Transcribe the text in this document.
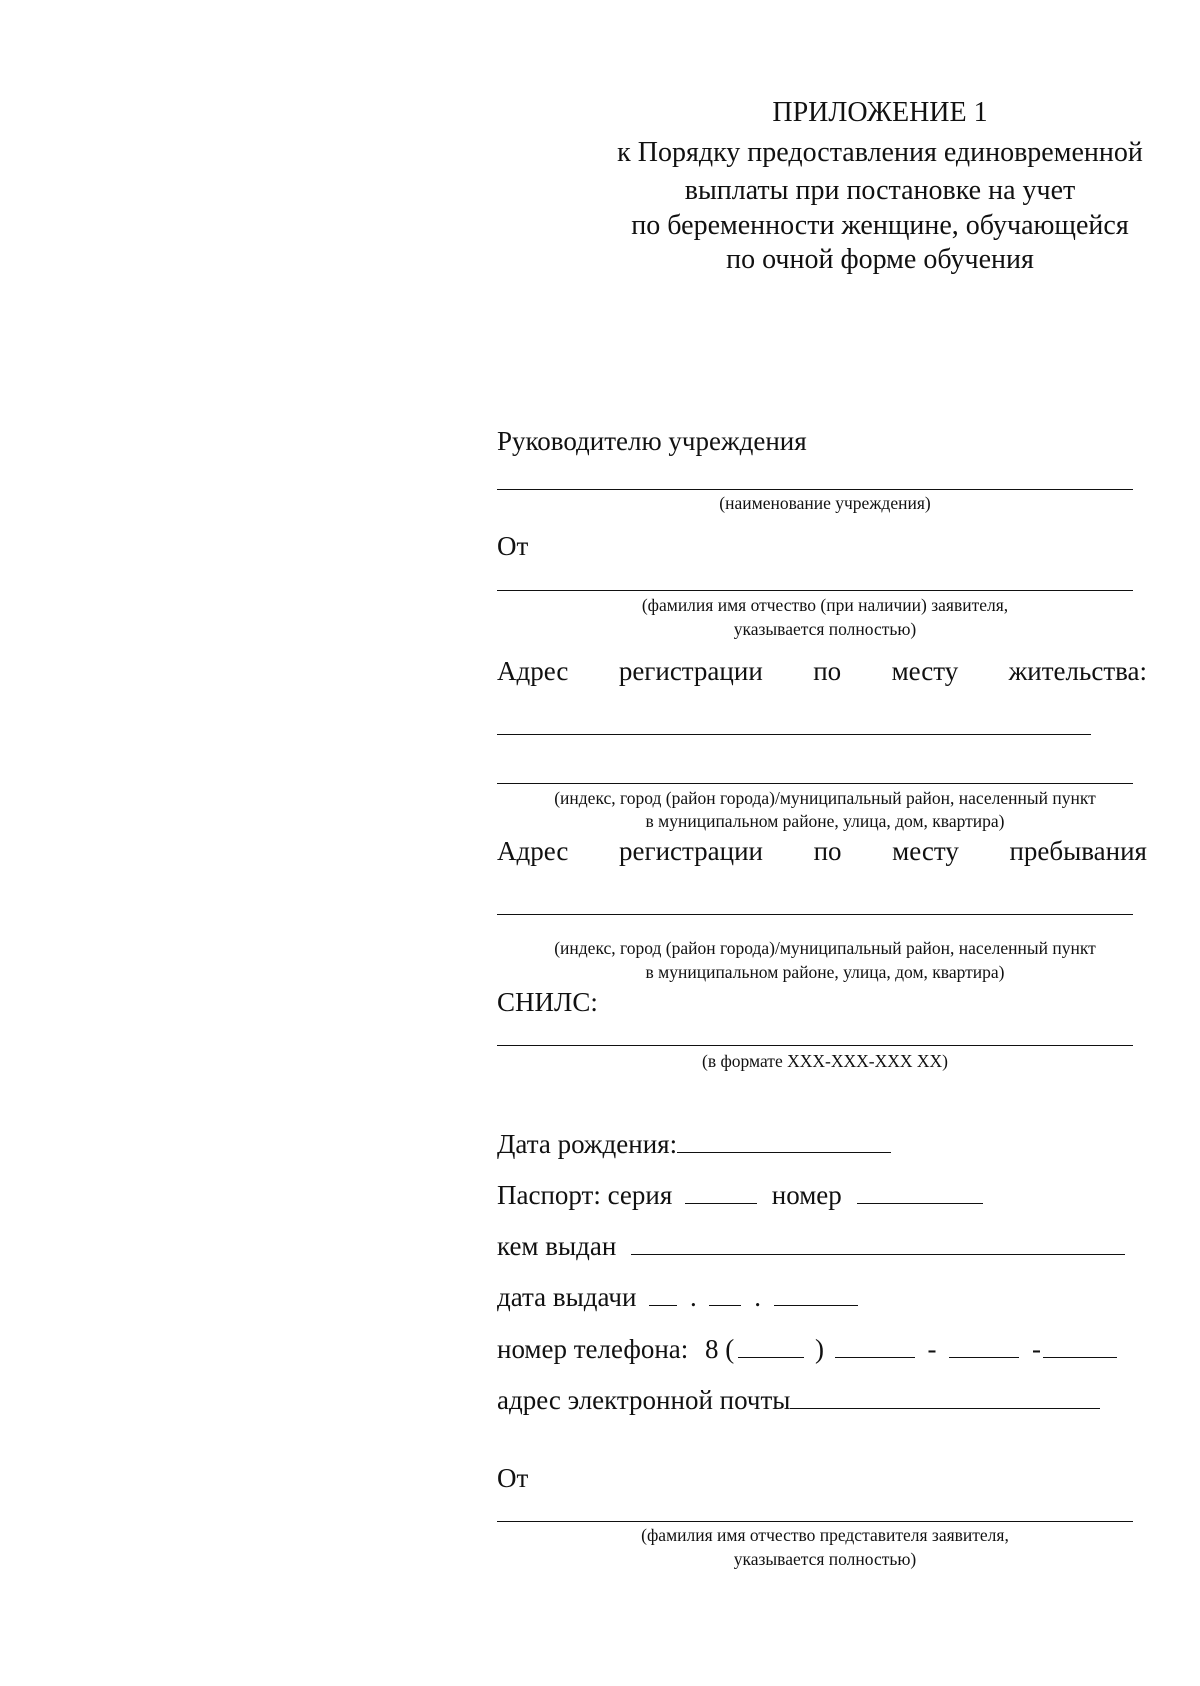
ПРИЛОЖЕНИЕ 1
к Порядку предоставления единовременной
выплаты при постановке на учет
по беременности женщине, обучающейся
по очной форме обучения
Руководителю учреждения
(наименование учреждения)
От
(фамилия имя отчество (при наличии) заявителя,
указывается полностью)
Адрес регистрации по месту жительства:
(индекс, город (район города)/муниципальный район, населенный пункт
в муниципальном районе, улица, дом, квартира)
Адрес регистрации по месту пребывания
(индекс, город (район города)/муниципальный район, населенный пункт
в муниципальном районе, улица, дом, квартира)
СНИЛС:
(в формате XXX-XXX-XXX XX)
Дата рождения:
Паспорт: серия	номер
кем выдан
дата выдачи . .
номер телефона: 8 (	)	-	-
адрес электронной почты
От
(фамилия имя отчество представителя заявителя,
указывается полностью)
